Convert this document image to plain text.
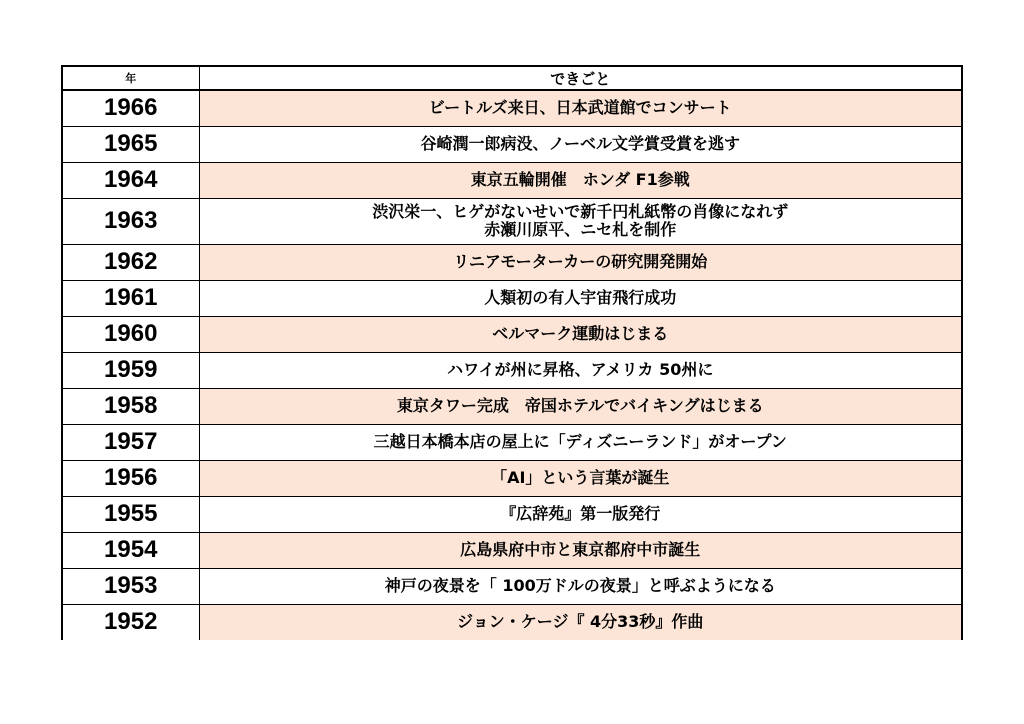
年	できごと
1966	ビートルズ来日、日本武道館でコンサート
1965	谷崎潤一郎病没、ノーベル文学賞受賞を逃す
1964	東京五輪開催　ホンダ F1参戦
1963	渋沢栄一、ヒゲがないせいで新千円札紙幣の肖像になれず
赤瀬川原平、ニセ札を制作
1962	リニアモーターカーの研究開発開始
1961	人類初の有人宇宙飛行成功
1960	ベルマーク運動はじまる
1959	ハワイが州に昇格、アメリカ 50州に
1958	東京タワー完成　帝国ホテルでバイキングはじまる
1957	三越日本橋本店の屋上に「ディズニーランド」がオープン
1956	「AI」という言葉が誕生
1955	『広辞苑』第一版発行
1954	広島県府中市と東京都府中市誕生
1953	神戸の夜景を「 100万ドルの夜景」と呼ぶようになる
1952	ジョン・ケージ『 4分33秒』作曲
